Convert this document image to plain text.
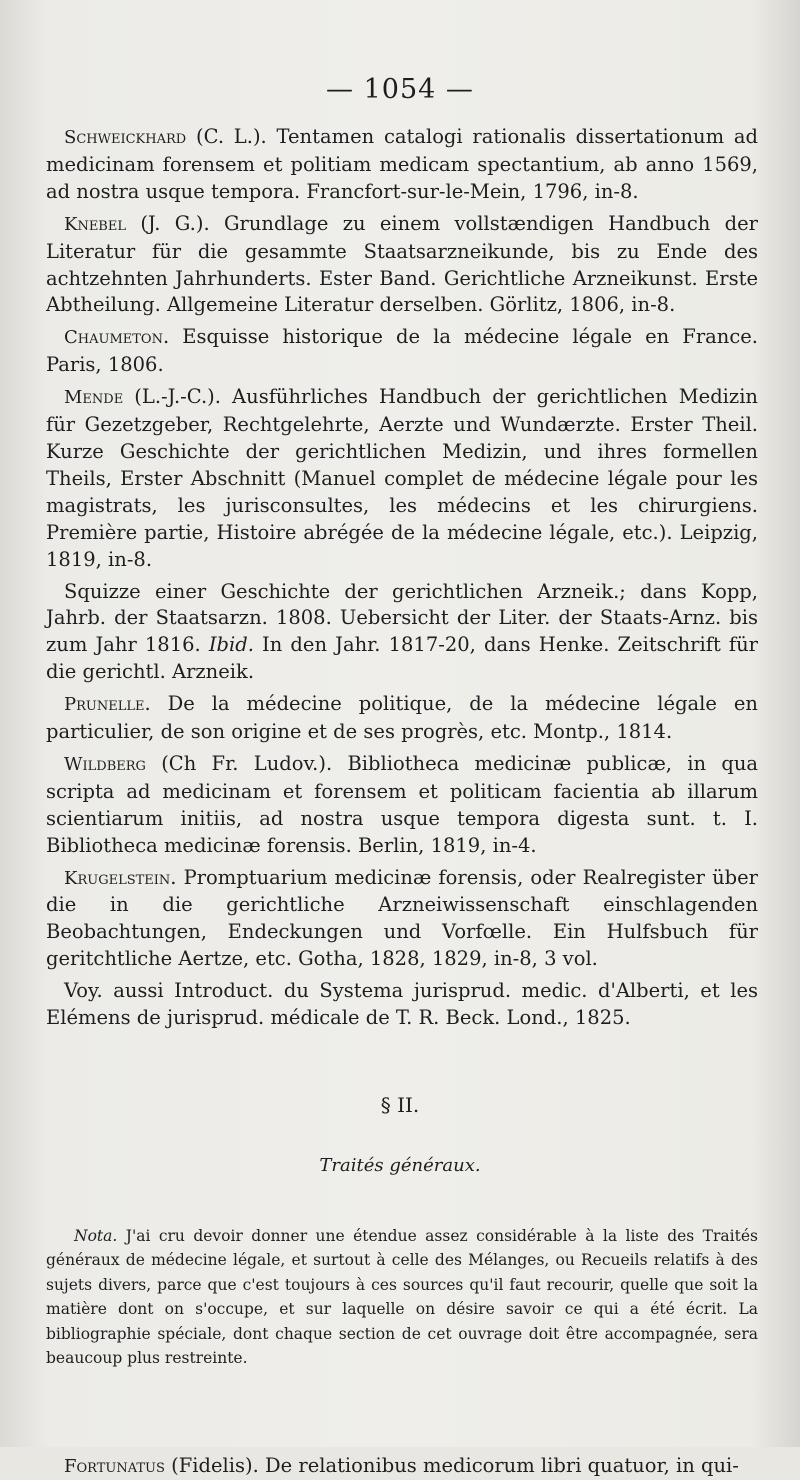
— 1054 —

Schweickhard (C. L.). Tentamen catalogi rationalis dissertationum ad medicinam forensem et politiam medicam spectantium, ab anno 1569, ad nostra usque tempora. Francfort-sur-le-Mein, 1796, in-8.

Knebel (J. G.). Grundlage zu einem vollstændigen Handbuch der Literatur für die gesammte Staatsarzneikunde, bis zu Ende des achtzehnten Jahrhunderts. Ester Band. Gerichtliche Arzneikunst. Erste Abtheilung. Allgemeine Literatur derselben. Görlitz, 1806, in-8.

Chaumeton. Esquisse historique de la médecine légale en France. Paris, 1806.

Mende (L.-J.-C.). Ausführliches Handbuch der gerichtlichen Medizin für Gezetzgeber, Rechtgelehrte, Aerzte und Wundærzte. Erster Theil. Kurze Geschichte der gerichtlichen Medizin, und ihres formellen Theils, Erster Abschnitt (Manuel complet de médecine légale pour les magistrats, les jurisconsultes, les médecins et les chirurgiens. Première partie, Histoire abrégée de la médecine légale, etc.). Leipzig, 1819, in-8.

Squizze einer Geschichte der gerichtlichen Arzneik.; dans Kopp, Jahrb. der Staatsarzn. 1808. Uebersicht der Liter. der Staats-Arnz. bis zum Jahr 1816. Ibid. In den Jahr. 1817-20, dans Henke. Zeitschrift für die gerichtl. Arzneik.

Prunelle. De la médecine politique, de la médecine légale en particulier, de son origine et de ses progrès, etc. Montp., 1814.

Wildberg (Ch Fr. Ludov.). Bibliotheca medicinæ publicæ, in qua scripta ad medicinam et forensem et politicam facientia ab illarum scientiarum initiis, ad nostra usque tempora digesta sunt. t. I. Bibliotheca medicinæ forensis. Berlin, 1819, in-4.

Krugelstein. Promptuarium medicinæ forensis, oder Realregister über die in die gerichtliche Arzneiwissenschaft einschlagenden Beobachtungen, Endeckungen und Vorfœlle. Ein Hulfsbuch für geritchtliche Aertze, etc. Gotha, 1828, 1829, in-8, 3 vol.

Voy. aussi Introduct. du Systema jurisprud. medic. d'Alberti, et les Elémens de jurisprud. médicale de T. R. Beck. Lond., 1825.

§ II.
Traités généraux.

Nota. J'ai cru devoir donner une étendue assez considérable à la liste des Traités généraux de médecine légale, et surtout à celle des Mélanges, ou Recueils relatifs à des sujets divers, parce que c'est toujours à ces sources qu'il faut recourir, quelle que soit la matière dont on s'occupe, et sur laquelle on désire savoir ce qui a été écrit. La bibliographie spéciale, dont chaque section de cet ouvrage doit être accompagnée, sera beaucoup plus restreinte.

Fortunatus (Fidelis). De relationibus medicorum libri quatuor, in qui-
